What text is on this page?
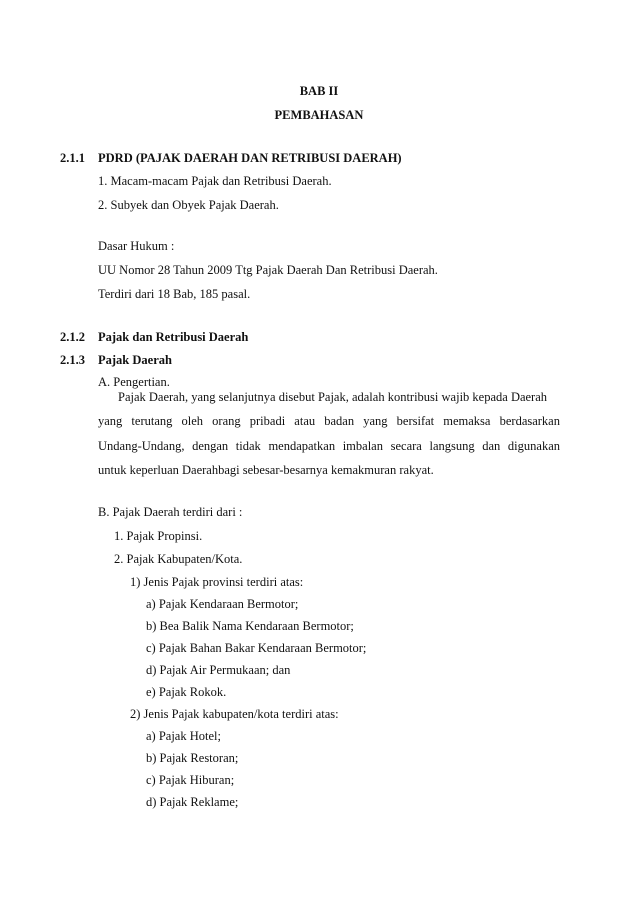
BAB II
PEMBAHASAN
2.1.1 PDRD (PAJAK DAERAH DAN RETRIBUSI DAERAH)
1. Macam-macam Pajak dan Retribusi Daerah.
2. Subyek dan Obyek Pajak Daerah.
Dasar Hukum :
UU Nomor 28 Tahun 2009 Ttg Pajak Daerah Dan Retribusi Daerah.
Terdiri dari 18 Bab, 185 pasal.
2.1.2 Pajak dan Retribusi Daerah
2.1.3 Pajak Daerah
A. Pengertian.
Pajak Daerah, yang selanjutnya disebut Pajak, adalah kontribusi wajib kepada Daerah
yang terutang oleh orang pribadi atau badan yang bersifat memaksa berdasarkan
Undang-Undang, dengan tidak mendapatkan imbalan secara langsung dan digunakan
untuk keperluan Daerahbagi sebesar-besarnya kemakmuran rakyat.
B. Pajak Daerah terdiri dari :
1. Pajak Propinsi.
2. Pajak Kabupaten/Kota.
1) Jenis Pajak provinsi terdiri atas:
a) Pajak Kendaraan Bermotor;
b) Bea Balik Nama Kendaraan Bermotor;
c) Pajak Bahan Bakar Kendaraan Bermotor;
d) Pajak Air Permukaan; dan
e) Pajak Rokok.
2) Jenis Pajak kabupaten/kota terdiri atas:
a) Pajak Hotel;
b) Pajak Restoran;
c) Pajak Hiburan;
d) Pajak Reklame;
